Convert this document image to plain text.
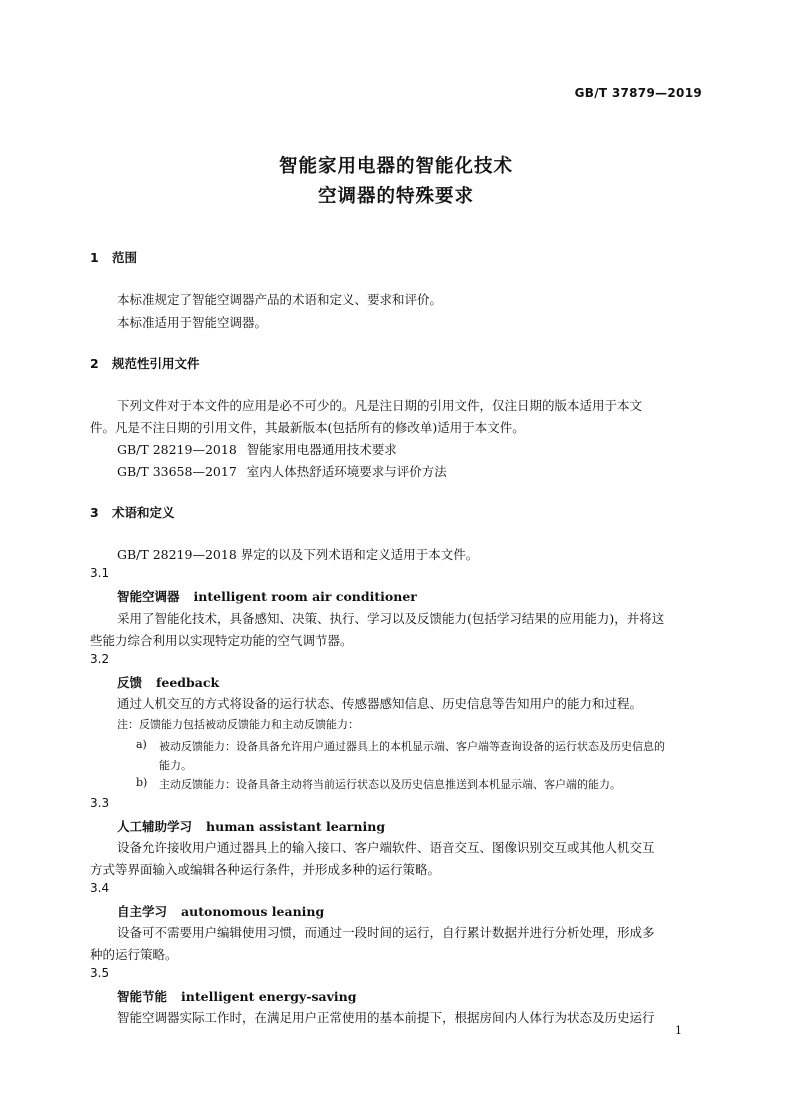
GB/T 37879—2019
智能家用电器的智能化技术
空调器的特殊要求
1 范围
本标准规定了智能空调器产品的术语和定义、要求和评价。
本标准适用于智能空调器。
2 规范性引用文件
下列文件对于本文件的应用是必不可少的。凡是注日期的引用文件，仅注日期的版本适用于本文
件。凡是不注日期的引用文件，其最新版本(包括所有的修改单)适用于本文件。
GB/T 28219—2018 智能家用电器通用技术要求
GB/T 33658—2017 室内人体热舒适环境要求与评价方法
3 术语和定义
GB/T 28219—2018 界定的以及下列术语和定义适用于本文件。
3.1
智能空调器 intelligent room air conditioner
采用了智能化技术，具备感知、决策、执行、学习以及反馈能力(包括学习结果的应用能力)，并将这
些能力综合利用以实现特定功能的空气调节器。
3.2
反馈 feedback
通过人机交互的方式将设备的运行状态、传感器感知信息、历史信息等告知用户的能力和过程。
注：反馈能力包括被动反馈能力和主动反馈能力：
a) 被动反馈能力：设备具备允许用户通过器具上的本机显示端、客户端等查询设备的运行状态及历史信息的
能力。
b) 主动反馈能力：设备具备主动将当前运行状态以及历史信息推送到本机显示端、客户端的能力。
3.3
人工辅助学习 human assistant learning
设备允许接收用户通过器具上的输入接口、客户端软件、语音交互、图像识别交互或其他人机交互
方式等界面输入或编辑各种运行条件，并形成多种的运行策略。
3.4
自主学习 autonomous leaning
设备可不需要用户编辑使用习惯，而通过一段时间的运行，自行累计数据并进行分析处理，形成多
种的运行策略。
3.5
智能节能 intelligent energy-saving
智能空调器实际工作时，在满足用户正常使用的基本前提下，根据房间内人体行为状态及历史运行
1
